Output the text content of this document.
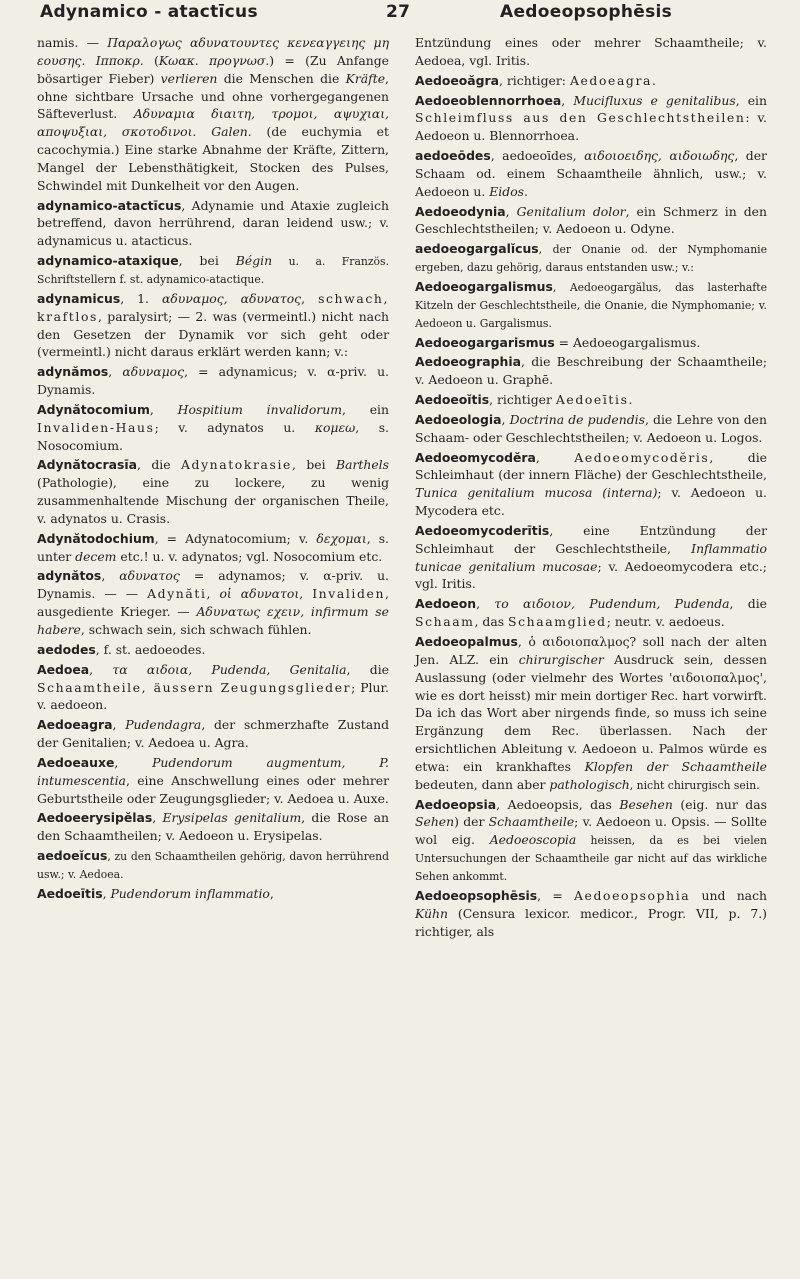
Adynamico - atactīcus	27	Aedoeopsophēsis

namis. — Παραλογως αδυνατουντες κενεαγγειης μη εουσης. Ιπποκρ. (Κωακ. προγνωσ.) = (Zu Anfange bösartiger Fieber) verlieren die Menschen die Kräfte, ohne sichtbare Ursache und ohne vorhergegangenen Säfteverlust. Αδυναμια διαιτη, τρομοι, αψυχιαι, αποψυξιαι, σκοτοδινοι. Galen. (de euchymia et cacochymia.) Eine starke Abnahme der Kräfte, Zittern, Mangel der Lebensthätigkeit, Stocken des Pulses, Schwindel mit Dunkelheit vor den Augen.

adynamico-atactīcus, Adynamie und Ataxie zugleich betreffend, davon herrührend, daran leidend usw.; v. adynamicus u. atacticus.

adynamico-ataxique, bei Bégin u. a. Französ. Schriftstellern f. st. adynamico-atactique.

adynamicus, 1. αδυναμος, αδυνατος, schwach, kraftlos, paralysirt; — 2. was (vermeintl.) nicht nach den Gesetzen der Dynamik vor sich geht oder (vermeintl.) nicht daraus erklärt werden kann; v.:

adynămos, αδυναμος, = adynamicus; v. α-priv. u. Dynamis.

Adynătocomium, Hospitium invalidorum, ein Invaliden-Haus; v. adynatos u. κομεω, s. Nosocomium.

Adynătocrasīa, die Adynatokrasie, bei Barthels (Pathologie), eine zu lockere, zu wenig zusammenhaltende Mischung der organischen Theile, v. adynatos u. Crasis.

Adynătodochium, = Adynatocomium; v. δεχομαι, s. unter decem etc.! u. v. adynatos; vgl. Nosocomium etc.

adynătos, αδυνατος = adynamos; v. α-priv. u. Dynamis. — — Adynăti, οἱ αδυνατοι, Invaliden, ausgediente Krieger. — Αδυνατως εχειν, infirmum se habere, schwach sein, sich schwach fühlen.

aedodes, f. st. aedoeodes.

Aedoea, τα αιδοια, Pudenda, Genitalia, die Schaamtheile, äussern Zeugungsglieder; Plur. v. aedoeon.

Aedoeagra, Pudendagra, der schmerzhafte Zustand der Genitalien; v. Aedoea u. Agra.

Aedoeauxe, Pudendorum augmentum, P. intumescentia, eine Anschwellung eines oder mehrer Geburtstheile oder Zeugungsglieder; v. Aedoea u. Auxe.

Aedoeerysipĕlas, Erysipelas genitalium, die Rose an den Schaamtheilen; v. Aedoeon u. Erysipelas.

aedoeĭcus, zu den Schaamtheilen gehörig, davon herrührend usw.; v. Aedoea.

Aedoeītis, Pudendorum inflammatio,

Entzündung eines oder mehrer Schaamtheile; v. Aedoea, vgl. Iritis.

Aedoeoăgra, richtiger: Aedoeagra.

Aedoeoblennorrhoea, Mucifluxus e genitalibus, ein Schleimfluss aus den Geschlechtstheilen: v. Aedoeon u. Blennorrhoea.

aedoeōdes, aedoeoīdes, αιδοιοειδης, αιδοιωδης, der Schaam od. einem Schaamtheile ähnlich, usw.; v. Aedoeon u. Eidos.

Aedoeodynia, Genitalium dolor, ein Schmerz in den Geschlechtstheilen; v. Aedoeon u. Odyne.

aedoeogargalĭcus, der Onanie od. der Nymphomanie ergeben, dazu gehörig, daraus entstanden usw.; v.:

Aedoeogargalismus, Aedoeogargălus, das lasterhafte Kitzeln der Geschlechtstheile, die Onanie, die Nymphomanie; v. Aedoeon u. Gargalismus.

Aedoeogargarismus = Aedoeogargalismus.

Aedoeographia, die Beschreibung der Schaamtheile; v. Aedoeon u. Graphē.

Aedoeoĭtis, richtiger Aedoeītis.

Aedoeologia, Doctrina de pudendis, die Lehre von den Schaam- oder Geschlechtstheilen; v. Aedoeon u. Logos.

Aedoeomycodĕra, Aedoeomycodĕris, die Schleimhaut (der innern Fläche) der Geschlechtstheile, Tunica genitalium mucosa (interna); v. Aedoeon u. Mycodera etc.

Aedoeomycoderītis, eine Entzündung der Schleimhaut der Geschlechtstheile, Inflammatio tunicae genitalium mucosae; v. Aedoeomycodera etc.; vgl. Iritis.

Aedoeon, το αιδοιον, Pudendum, Pudenda, die Schaam, das Schaamglied; neutr. v. aedoeus.

Aedoeopalmus, ὁ αιδοιοπαλμος? soll nach der alten Jen. ALZ. ein chirurgischer Ausdruck sein, dessen Auslassung (oder vielmehr des Wortes 'αιδοιοπαλμος', wie es dort heisst) mir mein dortiger Rec. hart vorwirft. Da ich das Wort aber nirgends finde, so muss ich seine Ergänzung dem Rec. überlassen. Nach der ersichtlichen Ableitung v. Aedoeon u. Palmos würde es etwa: ein krankhaftes Klopfen der Schaamtheile bedeuten, dann aber pathologisch, nicht chirurgisch sein.

Aedoeopsia, Aedoeopsis, das Besehen (eig. nur das Sehen) der Schaamtheile; v. Aedoeon u. Opsis. — Sollte wol eig. Aedoeoscopia heissen, da es bei vielen Untersuchungen der Schaamtheile gar nicht auf das wirkliche Sehen ankommt.

Aedoeopsophēsis, = Aedoeopsophia und nach Kühn (Censura lexicor. medicor., Progr. VII, p. 7.) richtiger, als
